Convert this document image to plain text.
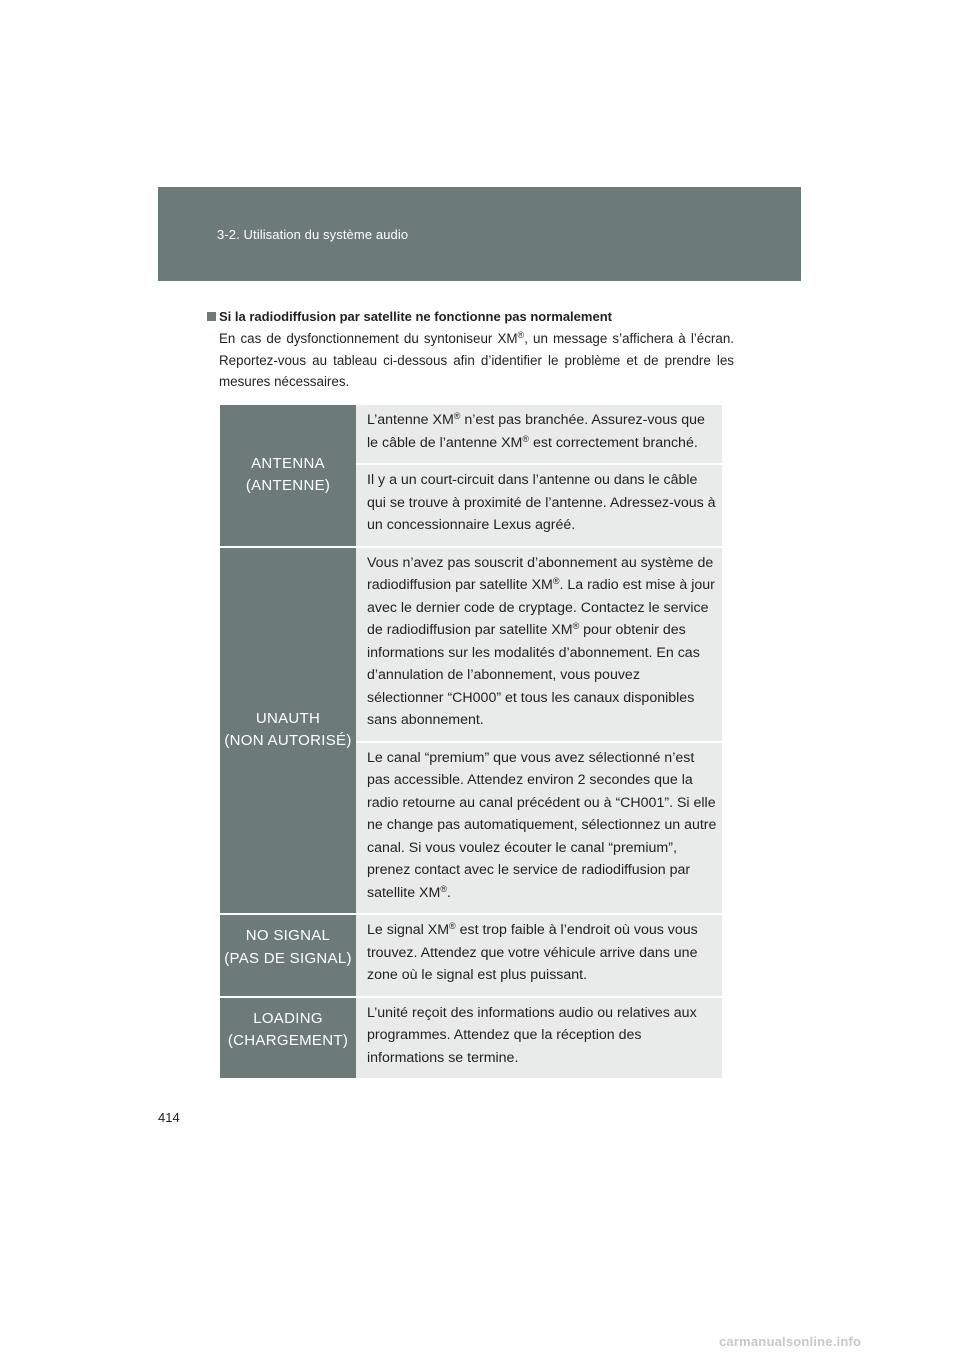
3-2. Utilisation du système audio
Si la radiodiffusion par satellite ne fonctionne pas normalement

En cas de dysfonctionnement du syntoniseur XM®, un message s’affichera à l’écran. Reportez-vous au tableau ci-dessous afin d’identifier le problème et de prendre les mesures nécessaires.

ANTENNA
(ANTENNE)	L’antenne XM® n’est pas branchée. Assurez-vous que le câble de l’antenne XM® est correctement branché.
	Il y a un court-circuit dans l’antenne ou dans le câble qui se trouve à proximité de l’antenne. Adressez-vous à un concessionnaire Lexus agréé.

UNAUTH
(NON AUTORISÉ)	Vous n’avez pas souscrit d’abonnement au système de radiodiffusion par satellite XM®. La radio est mise à jour avec le dernier code de cryptage. Contactez le service de radiodiffusion par satellite XM® pour obtenir des informations sur les modalités d’abonnement. En cas d’annulation de l’abonnement, vous pouvez sélectionner “CH000” et tous les canaux disponibles sans abonnement.
	Le canal “premium” que vous avez sélectionné n’est pas accessible. Attendez environ 2 secondes que la radio retourne au canal précédent ou à “CH001”. Si elle ne change pas automatiquement, sélectionnez un autre canal. Si vous voulez écouter le canal “premium”, prenez contact avec le service de radiodiffusion par satellite XM®.

NO SIGNAL
(PAS DE SIGNAL)	Le signal XM® est trop faible à l’endroit où vous vous trouvez. Attendez que votre véhicule arrive dans une zone où le signal est plus puissant.

LOADING
(CHARGEMENT)	L’unité reçoit des informations audio ou relatives aux programmes. Attendez que la réception des informations se termine.
414
carmanualsonline.info
